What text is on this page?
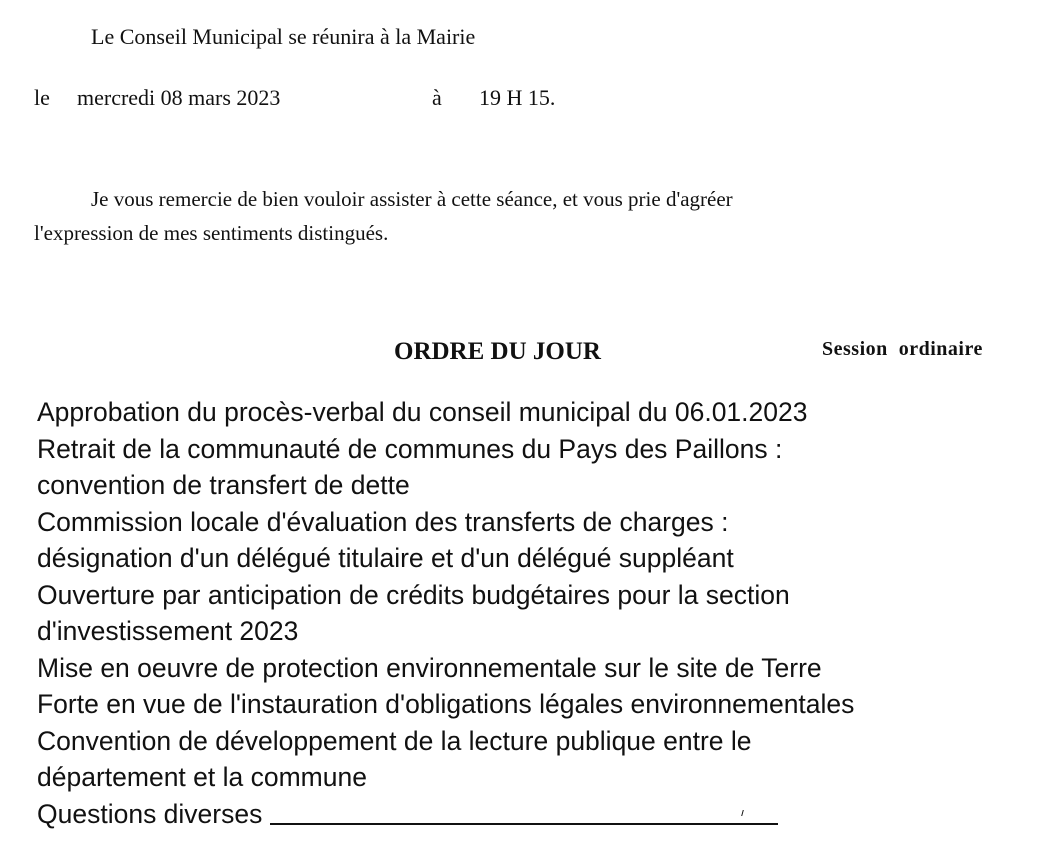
Le Conseil Municipal se réunira à la Mairie
le mercredi 08 mars 2023	à 19 H 15.
Je vous remercie de bien vouloir assister à cette séance, et vous prie d'agréer
l'expression de mes sentiments distingués.
ORDRE DU JOUR	Session  ordinaire
Approbation du procès-verbal du conseil municipal du 06.01.2023
Retrait de la communauté de communes du Pays des Paillons :
convention de transfert de dette
Commission locale d'évaluation des transferts de charges :
désignation d'un délégué titulaire et d'un délégué suppléant
Ouverture par anticipation de crédits budgétaires pour la section
d'investissement 2023
Mise en oeuvre de protection environnementale sur le site de Terre
Forte en vue de l'instauration d'obligations légales environnementales
Convention de développement de la lecture publique entre le
département et la commune
Questions diverses
